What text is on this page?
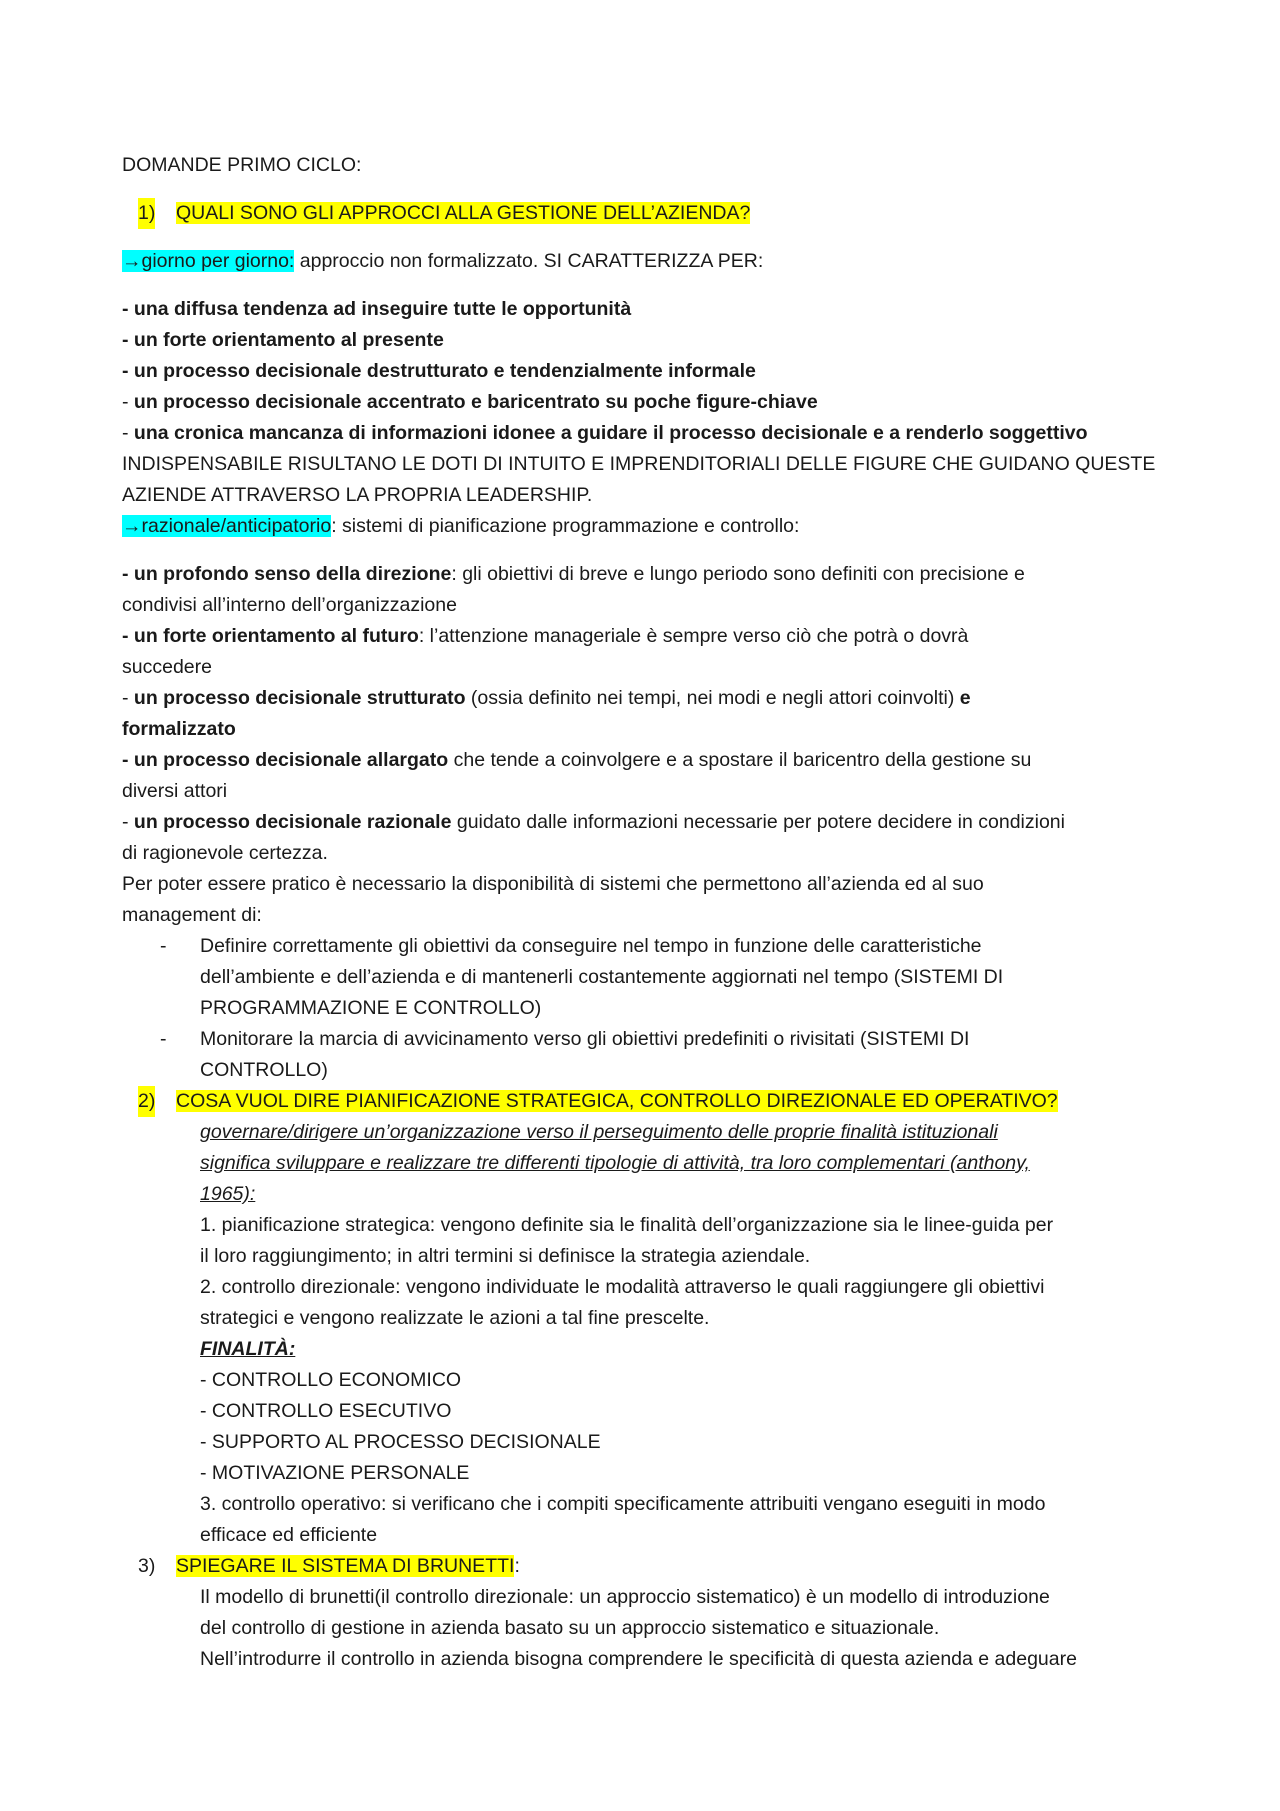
DOMANDE PRIMO CICLO:
1) QUALI SONO GLI APPROCCI ALLA GESTIONE DELL’AZIENDA?
→giorno per giorno: approccio non formalizzato. SI CARATTERIZZA PER:
- una diffusa tendenza ad inseguire tutte le opportunità
- un forte orientamento al presente
- un processo decisionale destrutturato e tendenzialmente informale
- un processo decisionale accentrato e baricentrato su poche figure-chiave
- una cronica mancanza di informazioni idonee a guidare il processo decisionale e a renderlo soggettivo
INDISPENSABILE RISULTANO LE DOTI DI INTUITO E IMPRENDITORIALI DELLE FIGURE CHE GUIDANO QUESTE
AZIENDE ATTRAVERSO LA PROPRIA LEADERSHIP.
→razionale/anticipatorio: sistemi di pianificazione programmazione e controllo:
- un profondo senso della direzione: gli obiettivi di breve e lungo periodo sono definiti con precisione e
condivisi all’interno dell’organizzazione
- un forte orientamento al futuro: l’attenzione manageriale è sempre verso ciò che potrà o dovrà
succedere
- un processo decisionale strutturato (ossia definito nei tempi, nei modi e negli attori coinvolti) e
formalizzato
- un processo decisionale allargato che tende a coinvolgere e a spostare il baricentro della gestione su
diversi attori
- un processo decisionale razionale guidato dalle informazioni necessarie per potere decidere in condizioni
di ragionevole certezza.
Per poter essere pratico è necessario la disponibilità di sistemi che permettono all’azienda ed al suo
management di:
- Definire correttamente gli obiettivi da conseguire nel tempo in funzione delle caratteristiche
dell’ambiente e dell’azienda e di mantenerli costantemente aggiornati nel tempo (SISTEMI DI
PROGRAMMAZIONE E CONTROLLO)
- Monitorare la marcia di avvicinamento verso gli obiettivi predefiniti o rivisitati (SISTEMI DI
CONTROLLO)
2) COSA VUOL DIRE PIANIFICAZIONE STRATEGICA, CONTROLLO DIREZIONALE ED OPERATIVO?
governare/dirigere un’organizzazione verso il perseguimento delle proprie finalità istituzionali
significa sviluppare e realizzare tre differenti tipologie di attività, tra loro complementari (anthony,
1965):
1. pianificazione strategica: vengono definite sia le finalità dell’organizzazione sia le linee-guida per
il loro raggiungimento; in altri termini si definisce la strategia aziendale.
2. controllo direzionale: vengono individuate le modalità attraverso le quali raggiungere gli obiettivi
strategici e vengono realizzate le azioni a tal fine prescelte.
FINALITÀ:
- CONTROLLO ECONOMICO
- CONTROLLO ESECUTIVO
- SUPPORTO AL PROCESSO DECISIONALE
- MOTIVAZIONE PERSONALE
3. controllo operativo: si verificano che i compiti specificamente attribuiti vengano eseguiti in modo
efficace ed efficiente
3) SPIEGARE IL SISTEMA DI BRUNETTI:
Il modello di brunetti(il controllo direzionale: un approccio sistematico) è un modello di introduzione
del controllo di gestione in azienda basato su un approccio sistematico e situazionale.
Nell’introdurre il controllo in azienda bisogna comprendere le specificità di questa azienda e adeguare
